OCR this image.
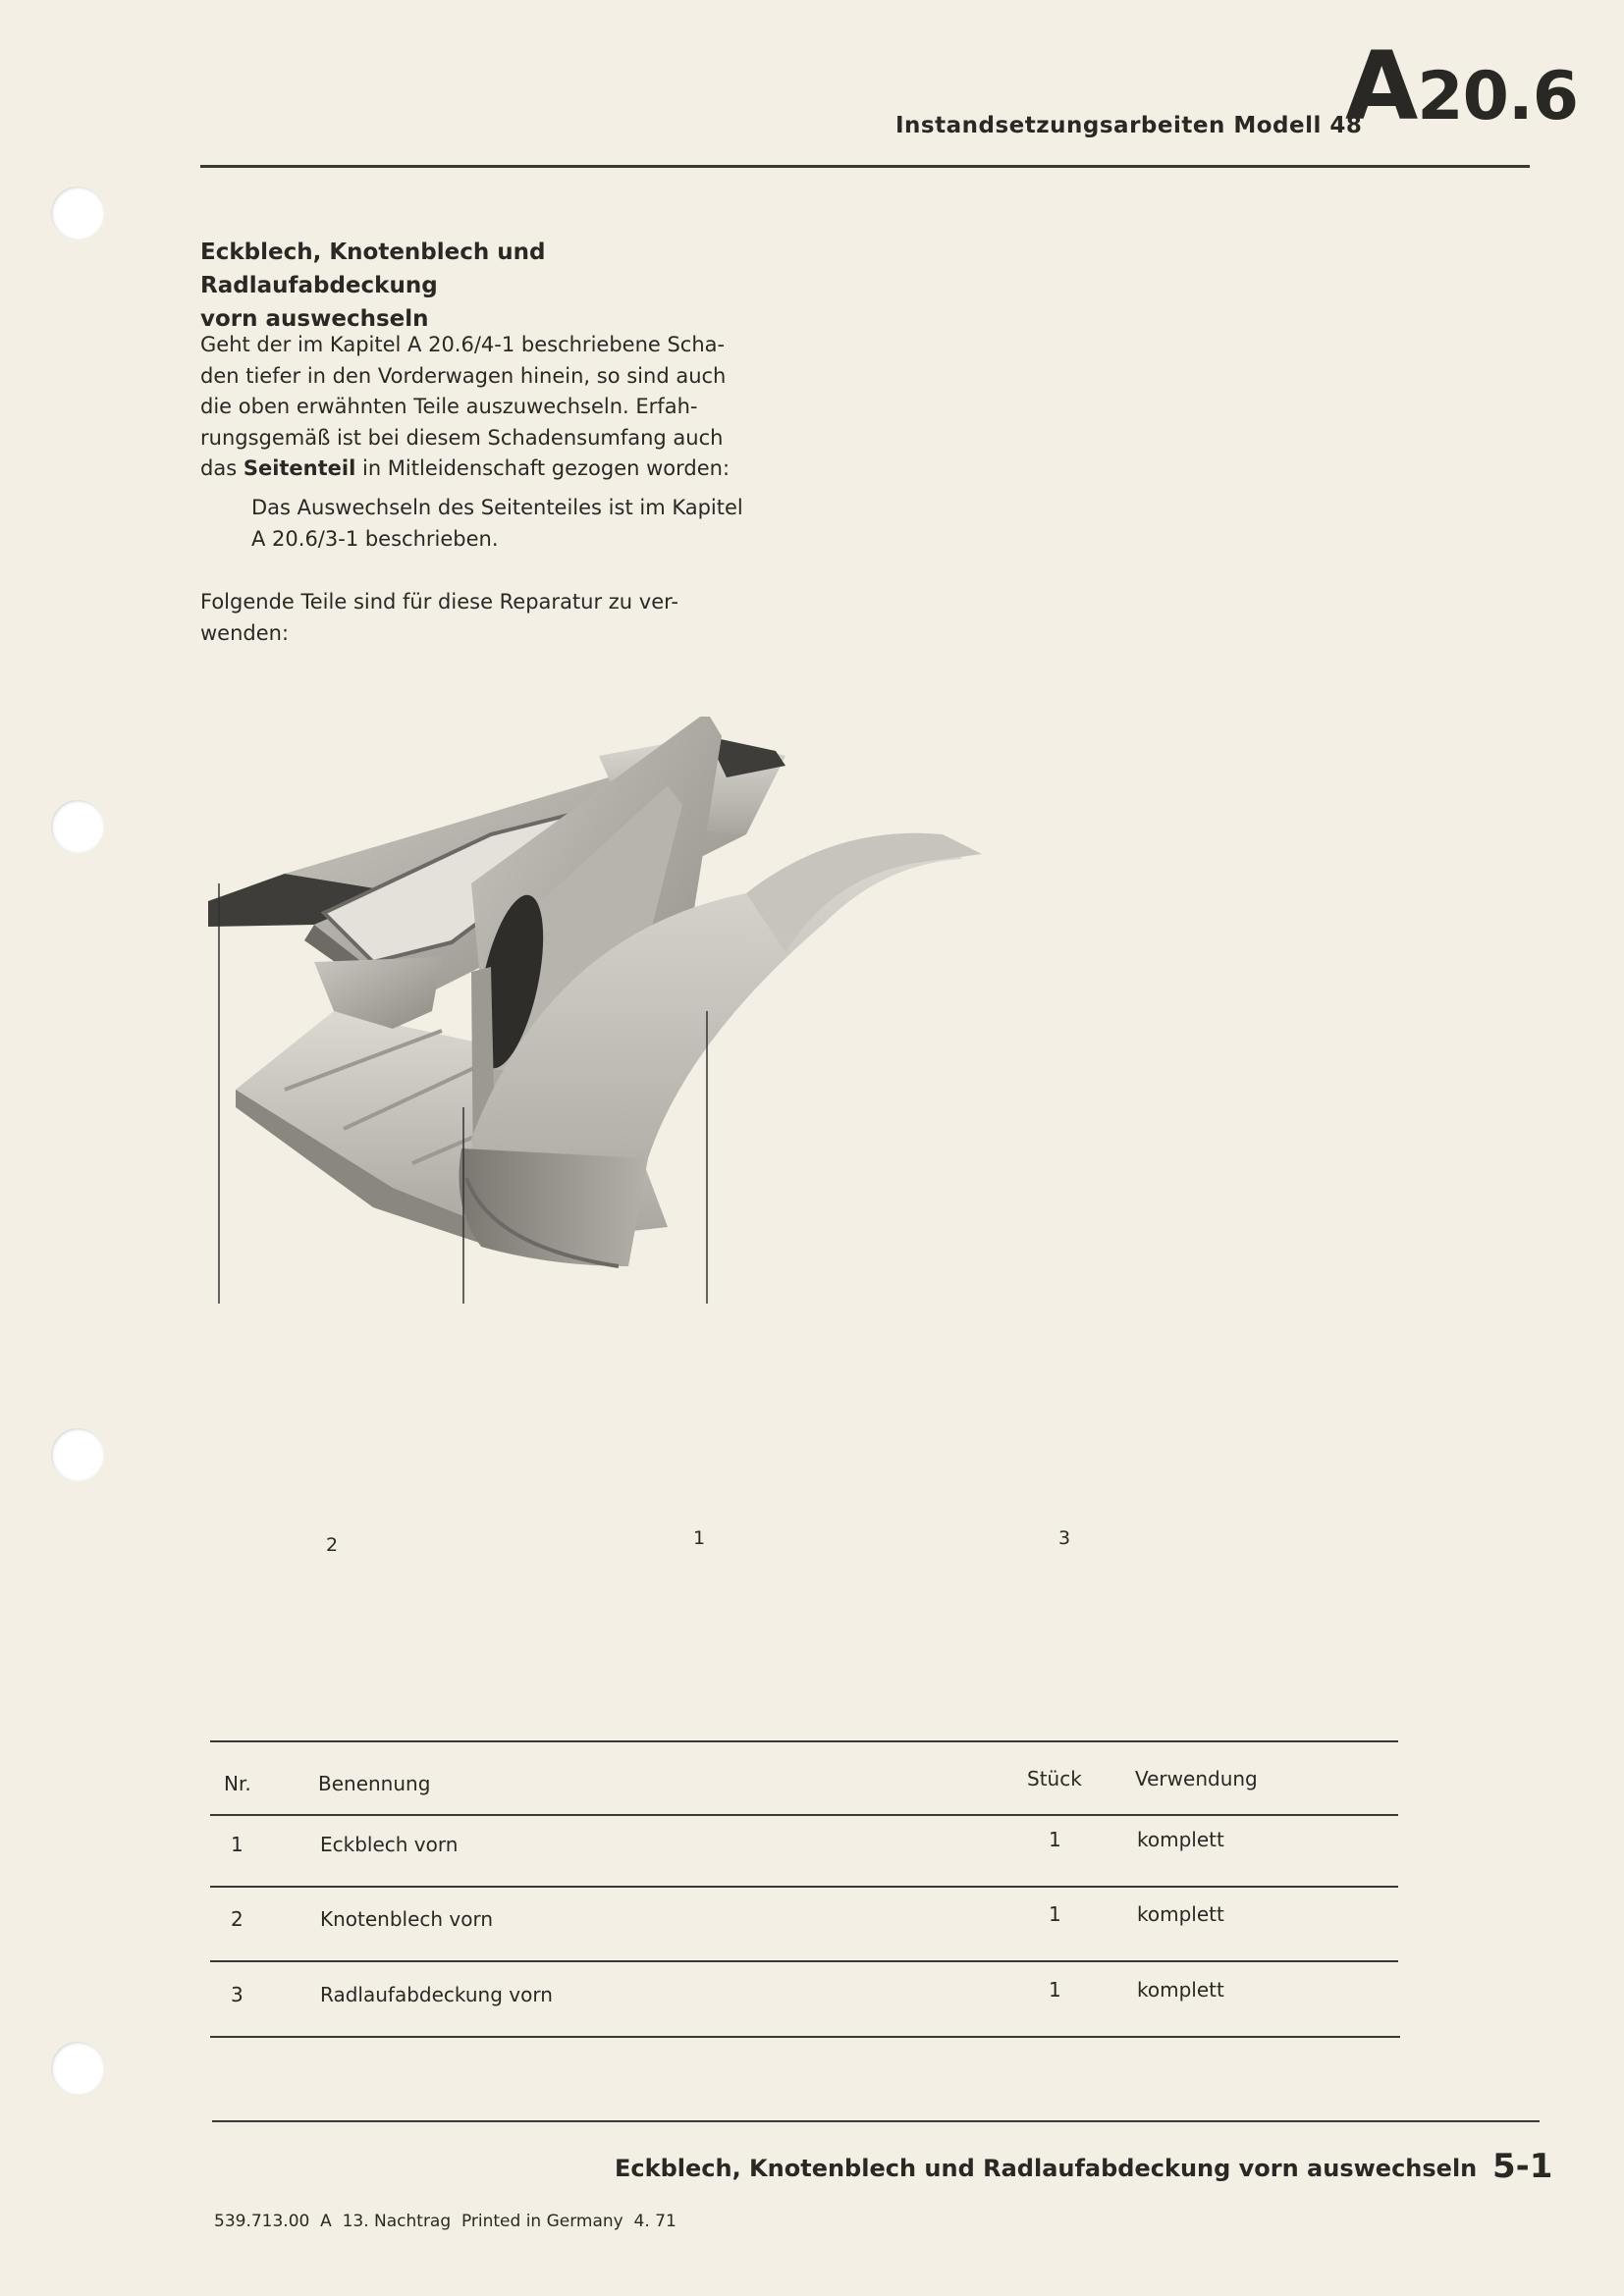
Instandsetzungsarbeiten Modell 48
A20.6
Eckblech, Knotenblech und Radlaufabdeckung
vorn auswechseln
Geht der im Kapitel A 20.6/4-1 beschriebene Scha-
den tiefer in den Vorderwagen hinein, so sind auch
die oben erwähnten Teile auszuwechseln. Erfah-
rungsgemäß ist bei diesem Schadensumfang auch
das Seitenteil in Mitleidenschaft gezogen worden:
Das Auswechseln des Seitenteiles ist im Kapitel
A 20.6/3-1 beschrieben.
Folgende Teile sind für diese Reparatur zu ver-
wenden:
2	1	3
Nr.	Benennung	Stück	Verwendung
1	Eckblech vorn	1	komplett
2	Knotenblech vorn	1	komplett
3	Radlaufabdeckung vorn	1	komplett
Eckblech, Knotenblech und Radlaufabdeckung vorn auswechseln 5-1
539.713.00  A  13. Nachtrag  Printed in Germany  4. 71
